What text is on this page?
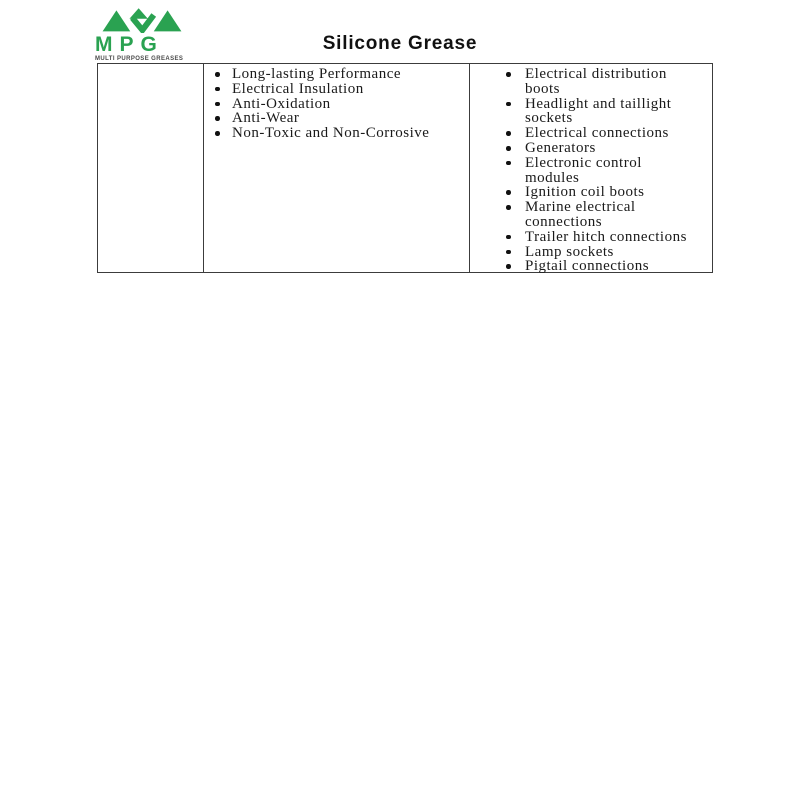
MPG
MULTI PURPOSE GREASES
Silicone Grease
Long-lasting Performance
Electrical Insulation
Anti-Oxidation
Anti-Wear
Non-Toxic and Non-Corrosive
Electrical distribution boots
Headlight and taillight sockets
Electrical connections
Generators
Electronic control modules
Ignition coil boots
Marine electrical connections
Trailer hitch connections
Lamp sockets
Pigtail connections
